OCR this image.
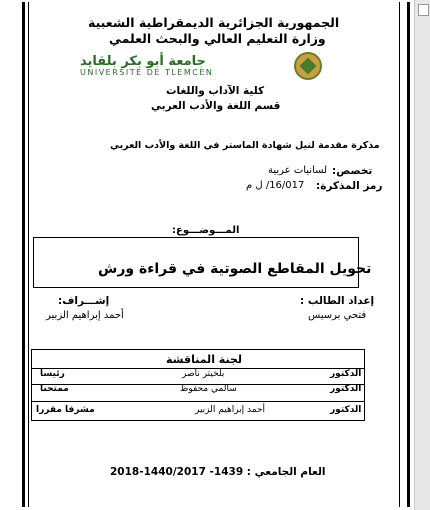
الجمهورية الجزائرية الديمقراطية الشعبية
وزارة التعليم العالي والبحث العلمي
جامعة أبو بكر بلقايد
UNIVERSITÉ DE TLEMCEN
كلية الآداب واللغات
قسم اللغة والأدب العربي
مذكرة مقدمة لنيل شهادة الماستر في اللغة والأدب العربي
تخصص:
لسانيات عربية
رمز المذكرة:
16/017/ ل م
المـــوضـــوع:
تحويل المقاطع الصوتية في قراءة ورش
إعداد الطالب :
فتحي برسيس
إشـــراف:
أحمد إبراهيم الزبير
لجنة المناقشة
الدكتور
بلخيتر ناصر
رئيسا
الدكتور
سالمي محفوظ
ممتحنا
الدكتور
أحمد إبراهيم الزبير
مشرفا مقررا
العام الجامعي : 1439- 1440/2017-2018
